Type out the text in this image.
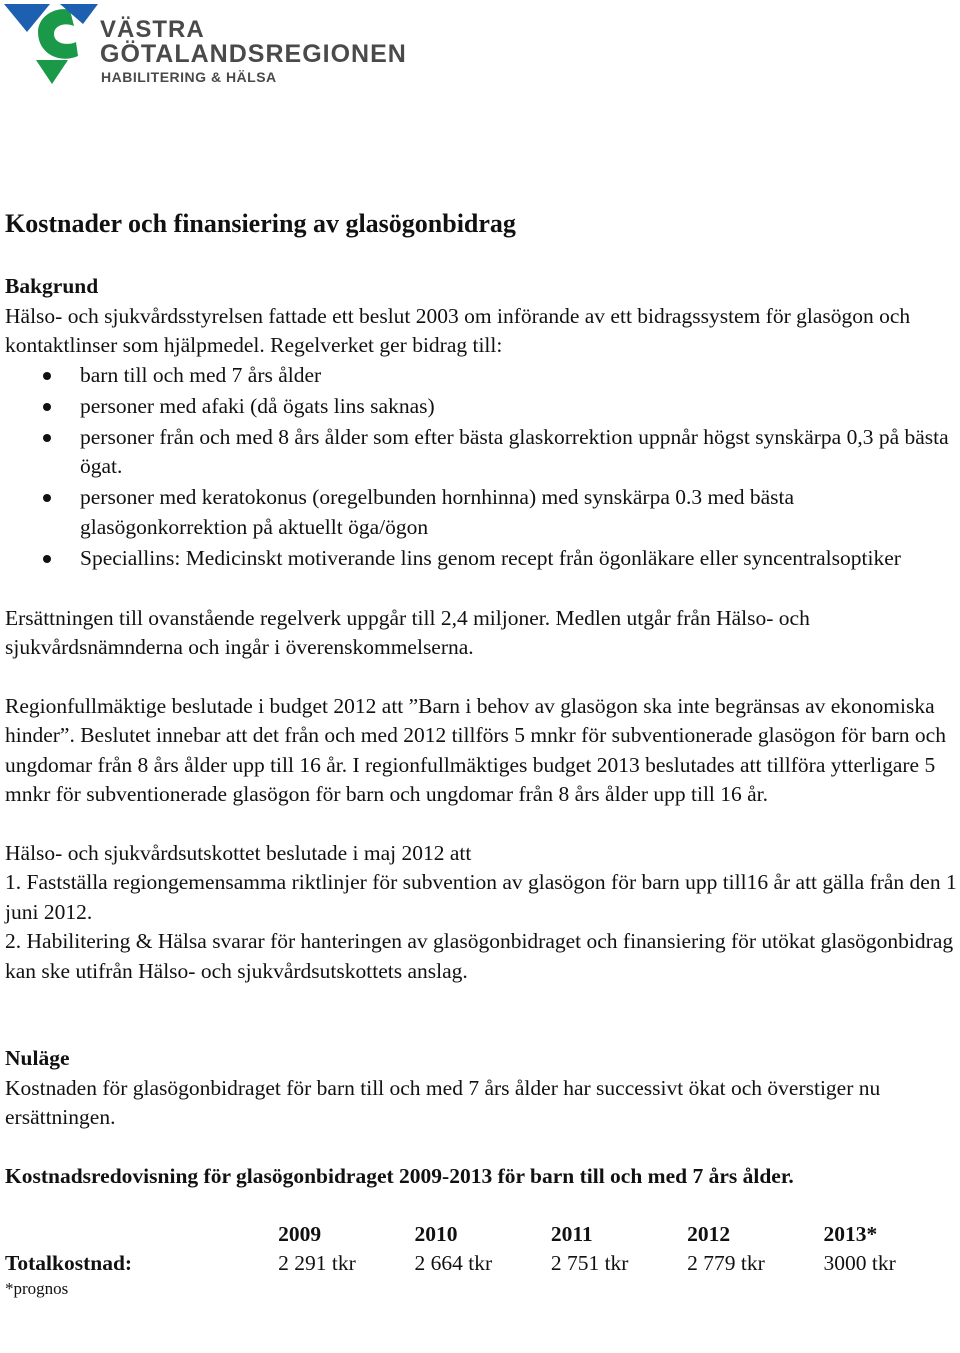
VÄSTRA
GÖTALANDSREGIONEN
HABILITERING & HÄLSA
Kostnader och finansiering av glasögonbidrag
Bakgrund

Hälso- och sjukvårdsstyrelsen fattade ett beslut 2003 om införande av ett bidragssystem för glasögon och kontaktlinser som hjälpmedel. Regelverket ger bidrag till:

barn till och med 7 års ålder
personer med afaki (då ögats lins saknas)
personer från och med 8 års ålder som efter bästa glaskorrektion uppnår högst synskärpa 0,3 på bästa ögat.
personer med keratokonus (oregelbunden hornhinna) med synskärpa 0.3 med bästa glasögonkorrektion på aktuellt öga/ögon
Speciallins: Medicinskt motiverande lins genom recept från ögonläkare eller syncentralsoptiker

Ersättningen till ovanstående regelverk uppgår till 2,4 miljoner. Medlen utgår från Hälso- och sjukvårdsnämnderna och ingår i överenskommelserna.

Regionfullmäktige beslutade i budget 2012 att ”Barn i behov av glasögon ska inte begränsas av ekonomiska hinder”. Beslutet innebar att det från och med 2012 tillförs 5 mnkr för subventionerade glasögon för barn och ungdomar från 8 års ålder upp till 16 år. I regionfullmäktiges budget 2013 beslutades att tillföra ytterligare 5 mnkr för subventionerade glasögon för barn och ungdomar från 8 års ålder upp till 16 år.

Hälso- och sjukvårdsutskottet beslutade i maj 2012 att

1. Fastställa regiongemensamma riktlinjer för subvention av glasögon för barn upp till16 år att gälla från den 1 juni 2012.

2. Habilitering & Hälsa svarar för hanteringen av glasögonbidraget och finansiering för utökat glasögonbidrag kan ske utifrån Hälso- och sjukvårdsutskottets anslag.

Nuläge

Kostnaden för glasögonbidraget för barn till och med 7 års ålder har successivt ökat och överstiger nu ersättningen.

Kostnadsredovisning för glasögonbidraget 2009-2013 för barn till och med 7 års ålder.

	2009	2010	2011	2012	2013*
Totalkostnad:	2 291 tkr	2 664 tkr	2 751 tkr	2 779 tkr	3000 tkr
*prognos
